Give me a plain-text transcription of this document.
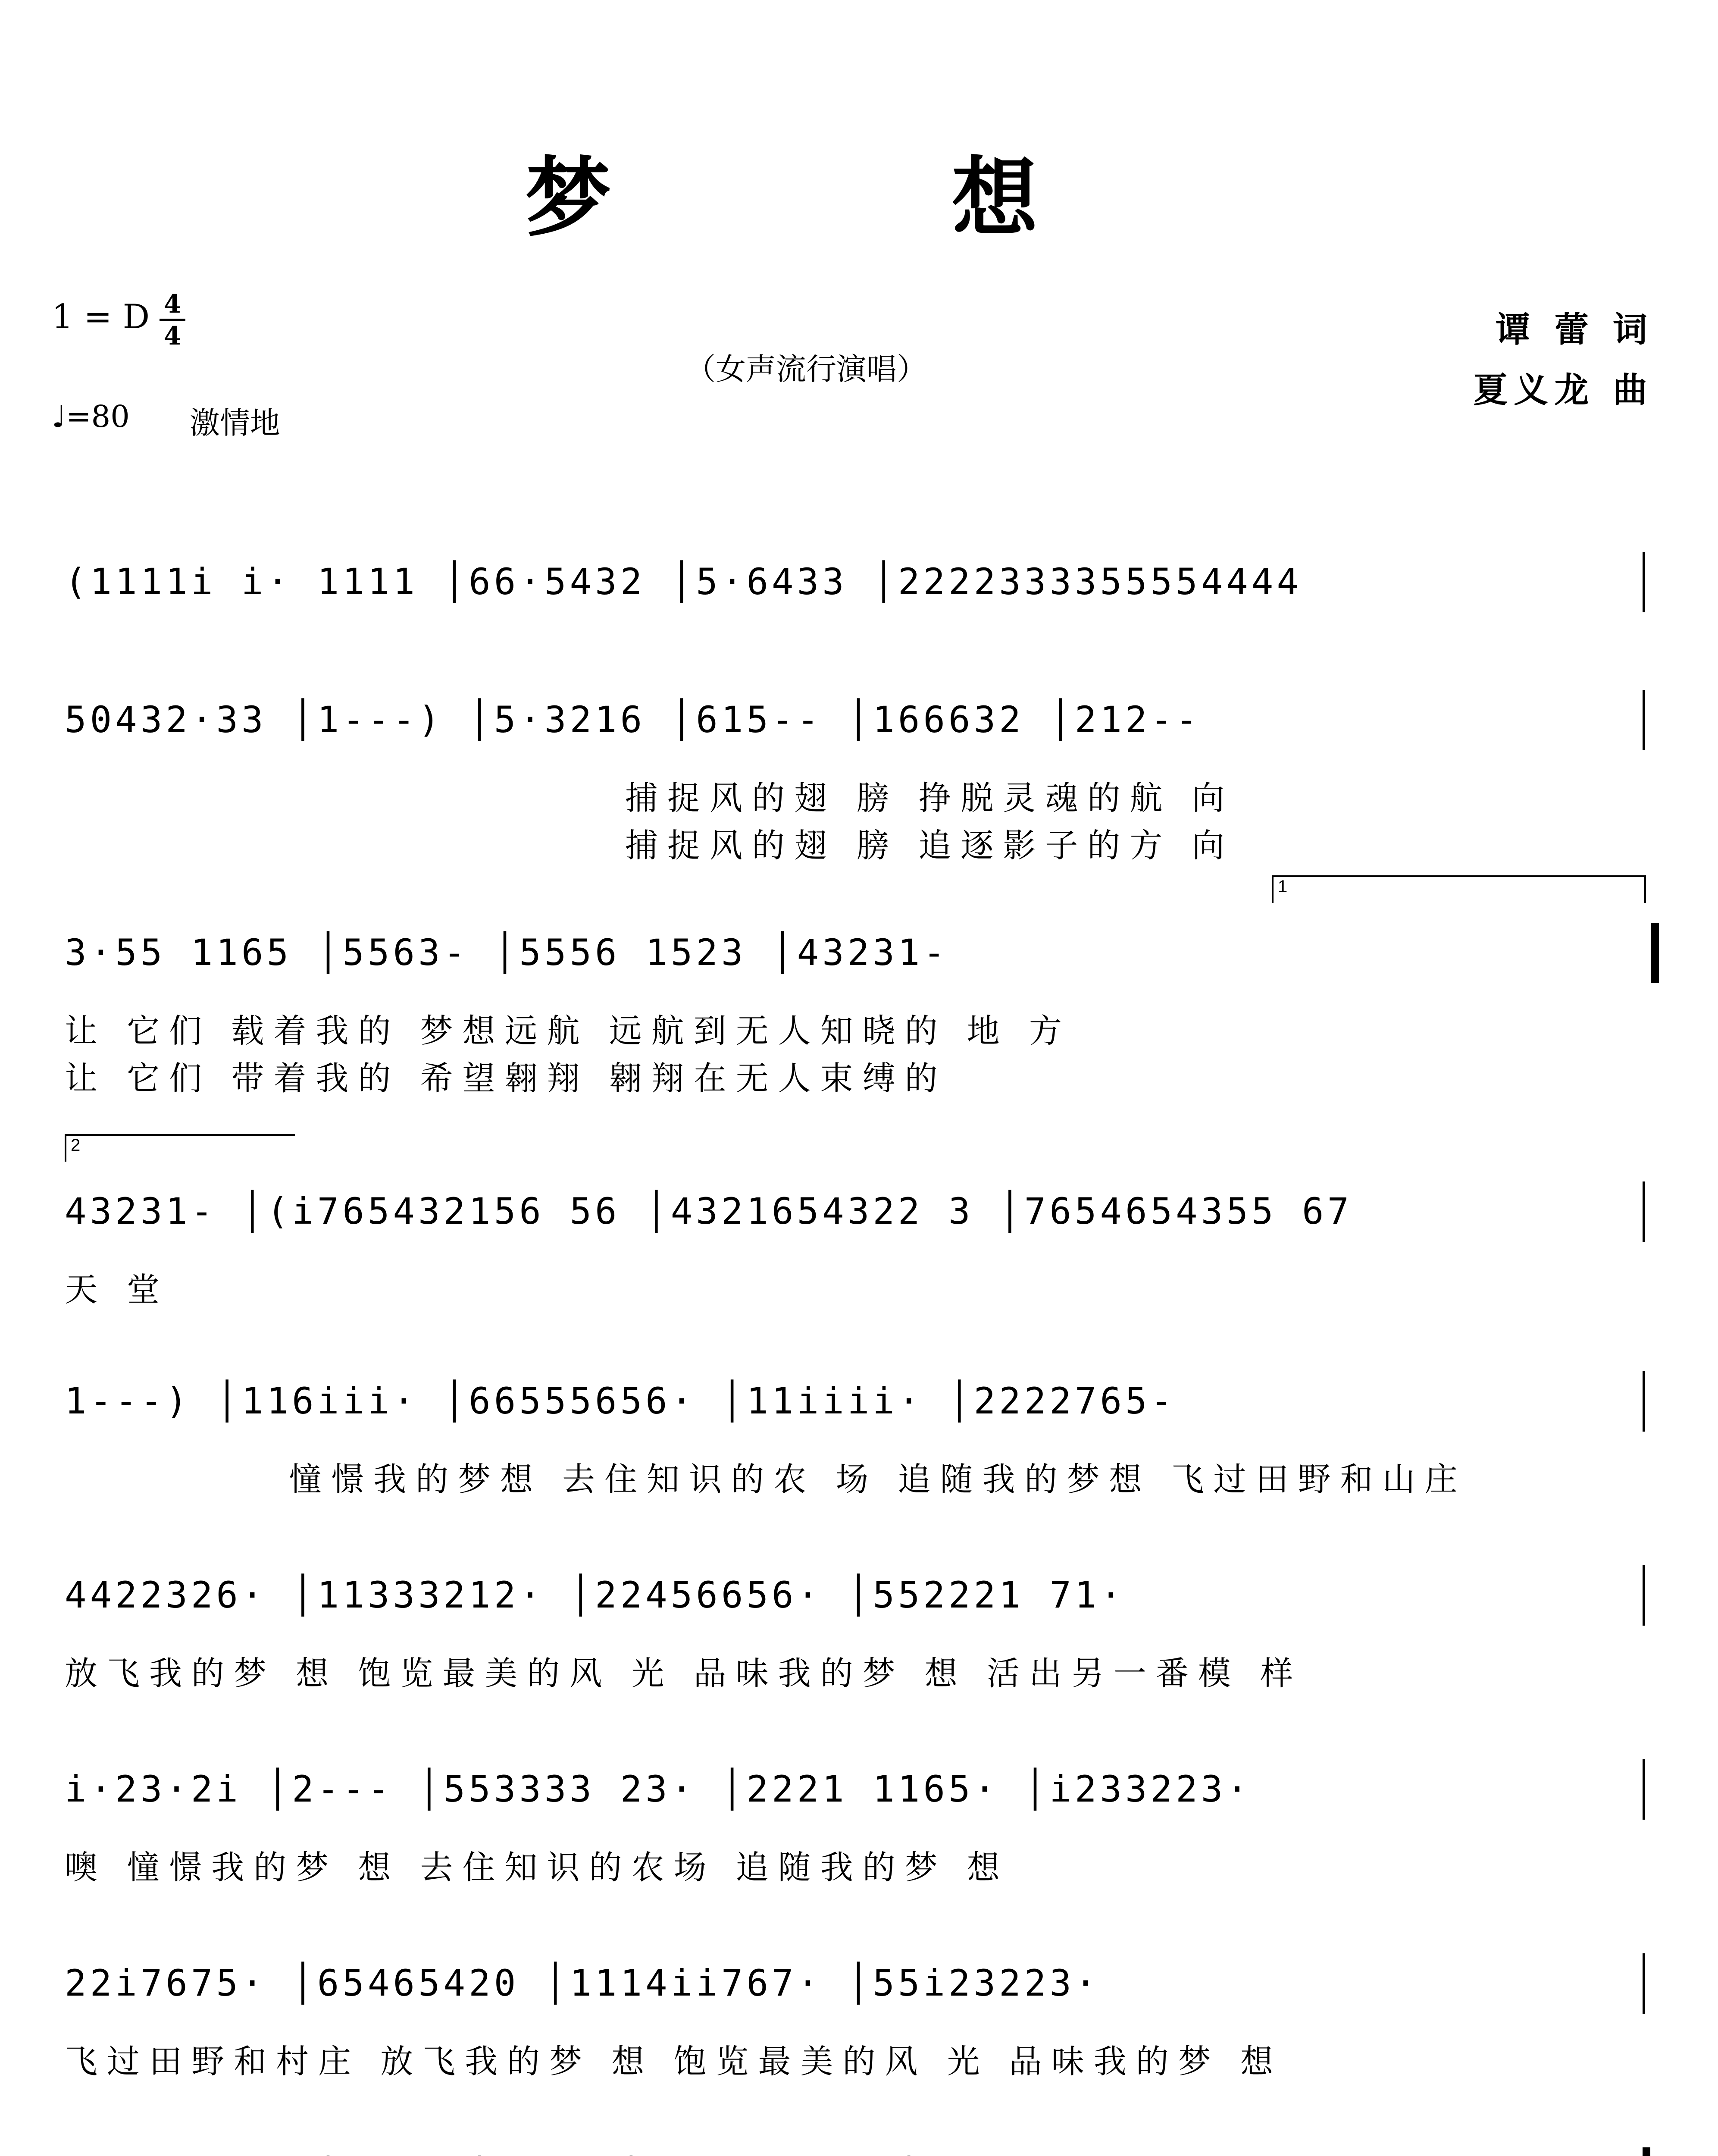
梦 想
1 = D 4
4
♩=80 激情地
（女声流行演唱）
谭 蕾 词
夏义龙 曲
(1111i i· 1111 │66·5432 │5·6433 │2222333355554444
50432·33 │1---) │5·3216 │615-- │166632 │212--
捕捉风的翅 膀 挣脱灵魂的航 向
捕捉风的翅 膀 追逐影子的方 向
1
3·55 1165 │5563- │5556 1523 │43231-
让 它们 载着我的 梦想远航 远航到无人知晓的 地 方
让 它们 带着我的 希望翱翔 翱翔在无人束缚的
2
43231- │(i765432156 56 │4321654322 3 │7654654355 67
天 堂
1---) │116iii· │66555656· │11iiii· │2222765-
憧憬我的梦想 去住知识的农 场 追随我的梦想 飞过田野和山庄
4422326· │11333212· │22456656· │552221 71·
放飞我的梦 想 饱览最美的风 光 品味我的梦 想 活出另一番模 样
i·23·2i │2--- │553333 23· │2221 1165· │i233223·
噢 憧憬我的梦 想 去住知识的农场 追随我的梦 想
22i7675· │65465420 │1114ii767· │55i23223·
飞过田野和村庄 放飞我的梦 想 饱览最美的风 光 品味我的梦 想
